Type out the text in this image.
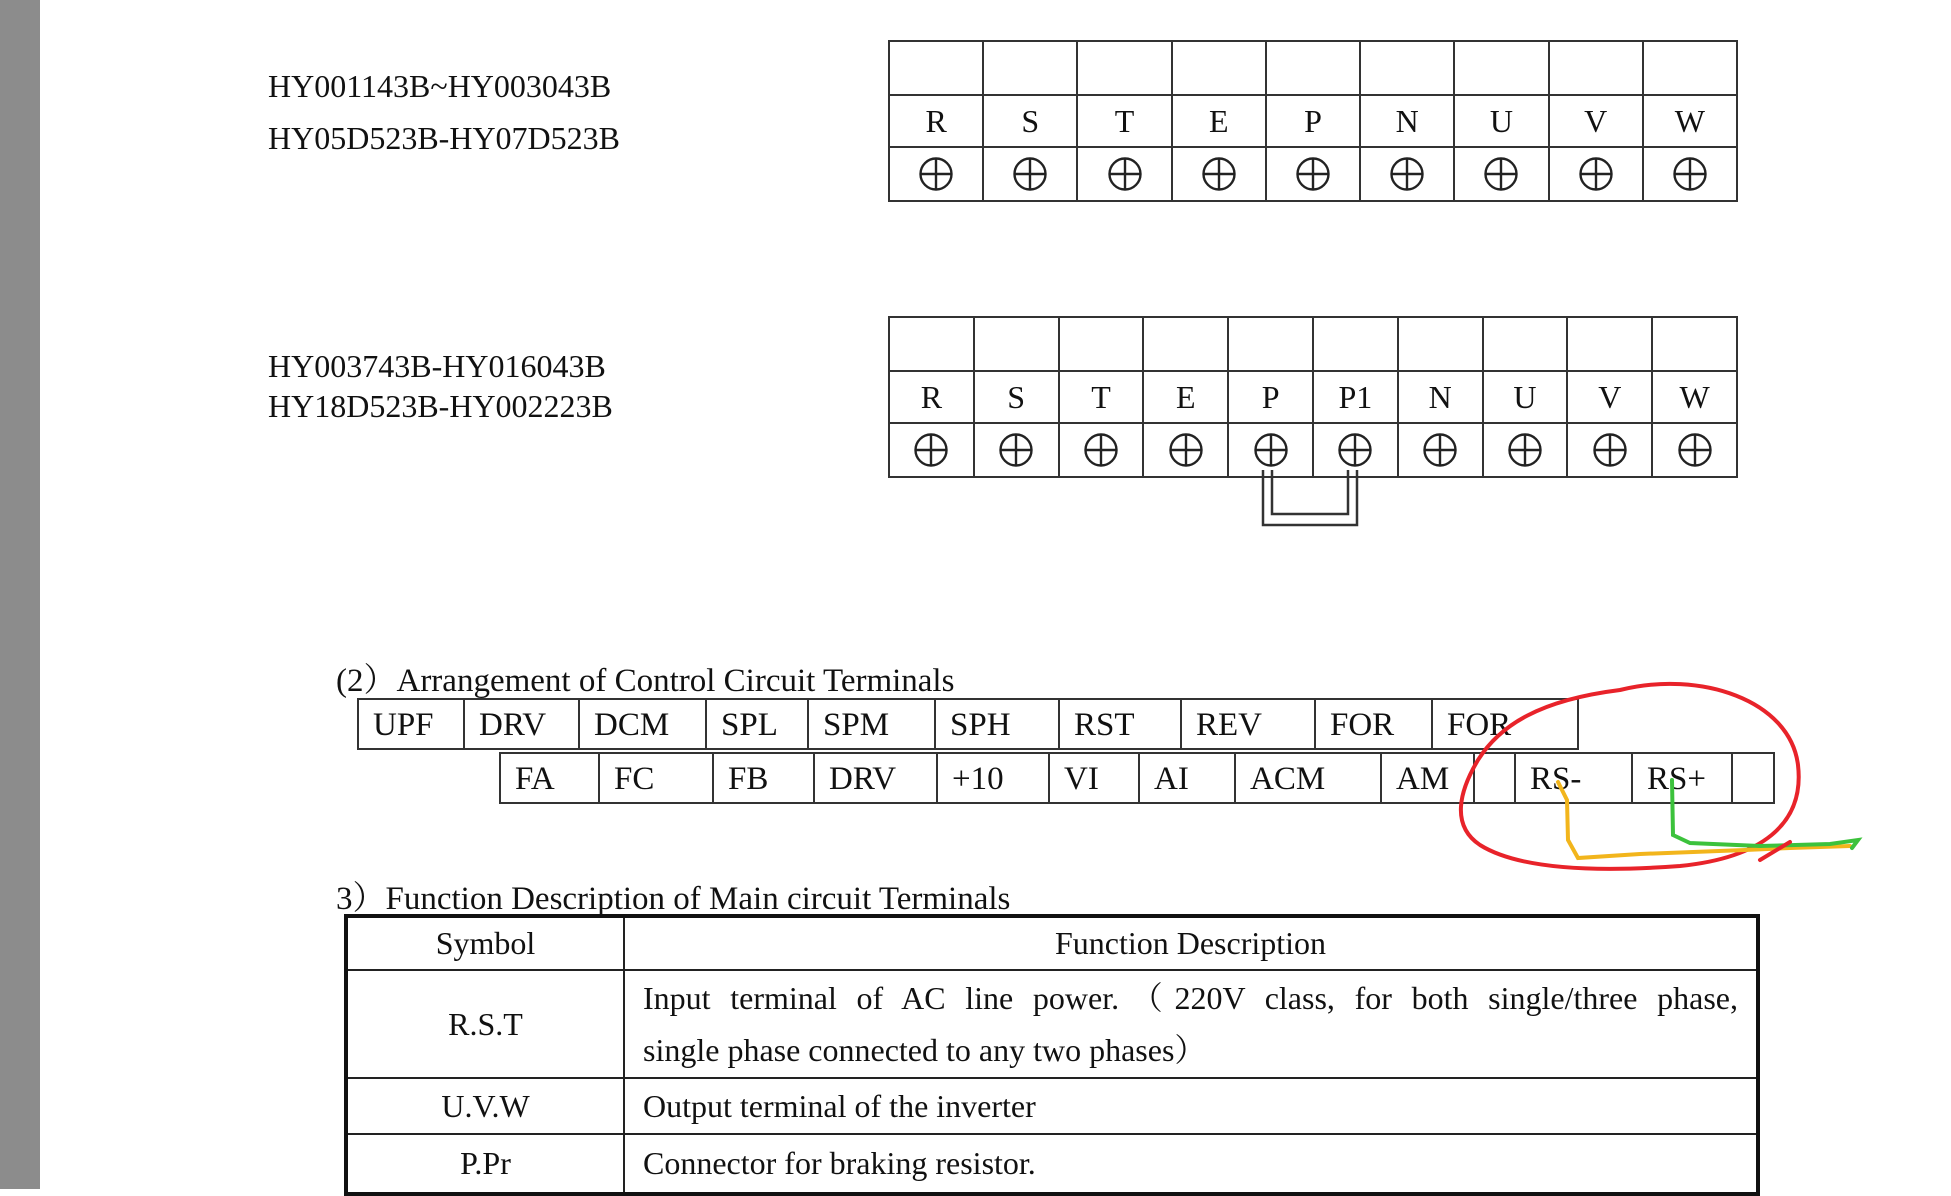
HY001143B~HY003043B
HY05D523B-HY07D523B
									R	S	T	E	P	N	U	V	W

HY003743B-HY016043B
HY18D523B-HY002223B
										R	S	T	E	P	P1	N	U	V	W

(2）Arrangement of Control Circuit Terminals
UPF	DRV	DCM	SPL	SPM	SPH	RST	REV	FOR	FOR
FA	FC	FB	DRV	+10	VI	AI	ACM	AM	RS-	RS+
3）Function Description of Main circuit Terminals
Symbol	Function Description
R.S.T	Input terminal of AC line power.（220V class, for both single/three phase,
single phase connected to any two phases）

U.V.W	Output terminal of the inverter
P.Pr	Connector for braking resistor.
